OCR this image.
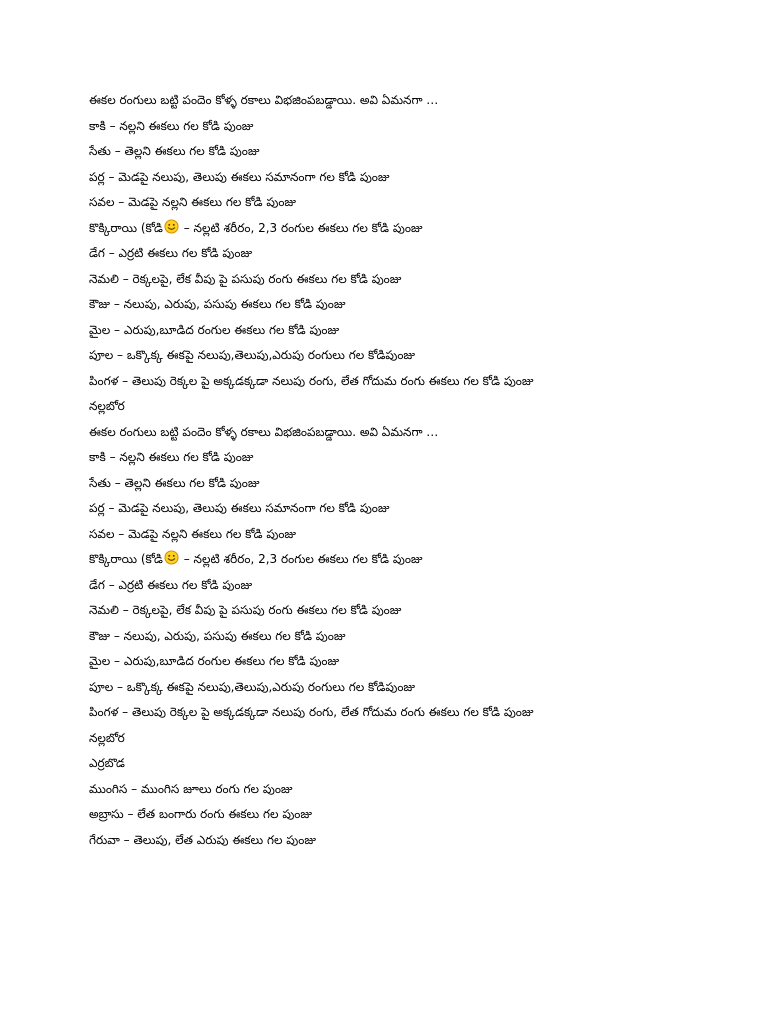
ఈకల రంగులు బట్టి పందెం కోళ్ళ రకాలు విభజింపబడ్డాయి. అవి ఏమనగా …
కాకి – నల్లని ఈకలు గల కోడి పుంజు
సేతు – తెల్లని ఈకలు గల కోడి పుంజు
పర్ల – మెడపై నలుపు, తెలుపు ఈకలు సమానంగా గల కోడి పుంజు
సవల – మెడపై నల్లని ఈకలు గల కోడి పుంజు
కొక్కిరాయి (కోడి – నల్లటి శరీరం, 2,3 రంగుల ఈకలు గల కోడి పుంజు
డేగ – ఎర్రటి ఈకలు గల కోడి పుంజు
నెమలి – రెక్కలపై, లేక వీపు పై పసుపు రంగు ఈకలు గల కోడి పుంజు
కౌజు – నలుపు, ఎరుపు, పసుపు ఈకలు గల కోడి పుంజు
మైల – ఎరుపు,బూడిద రంగుల ఈకలు గల కోడి పుంజు
పూల – ఒక్కొక్క ఈకపై నలుపు,తెలుపు,ఎరుపు రంగులు గల కోడిపుంజు
పింగళ – తెలుపు రెక్కల పై అక్కడక్కడా నలుపు రంగు, లేత గోదుమ రంగు ఈకలు గల కోడి పుంజు
నల్లబోర
ఈకల రంగులు బట్టి పందెం కోళ్ళ రకాలు విభజింపబడ్డాయి. అవి ఏమనగా …
కాకి – నల్లని ఈకలు గల కోడి పుంజు
సేతు – తెల్లని ఈకలు గల కోడి పుంజు
పర్ల – మెడపై నలుపు, తెలుపు ఈకలు సమానంగా గల కోడి పుంజు
సవల – మెడపై నల్లని ఈకలు గల కోడి పుంజు
కొక్కిరాయి (కోడి – నల్లటి శరీరం, 2,3 రంగుల ఈకలు గల కోడి పుంజు
డేగ – ఎర్రటి ఈకలు గల కోడి పుంజు
నెమలి – రెక్కలపై, లేక వీపు పై పసుపు రంగు ఈకలు గల కోడి పుంజు
కౌజు – నలుపు, ఎరుపు, పసుపు ఈకలు గల కోడి పుంజు
మైల – ఎరుపు,బూడిద రంగుల ఈకలు గల కోడి పుంజు
పూల – ఒక్కొక్క ఈకపై నలుపు,తెలుపు,ఎరుపు రంగులు గల కోడిపుంజు
పింగళ – తెలుపు రెక్కల పై అక్కడక్కడా నలుపు రంగు, లేత గోదుమ రంగు ఈకలు గల కోడి పుంజు
నల్లబోర
ఎర్రబొడ
ముంగిస – ముంగిస జూలు రంగు గల పుంజు
అబ్రాసు – లేత బంగారు రంగు ఈకలు గల పుంజు
గేరువా – తెలుపు, లేత ఎరుపు ఈకలు గల పుంజు
